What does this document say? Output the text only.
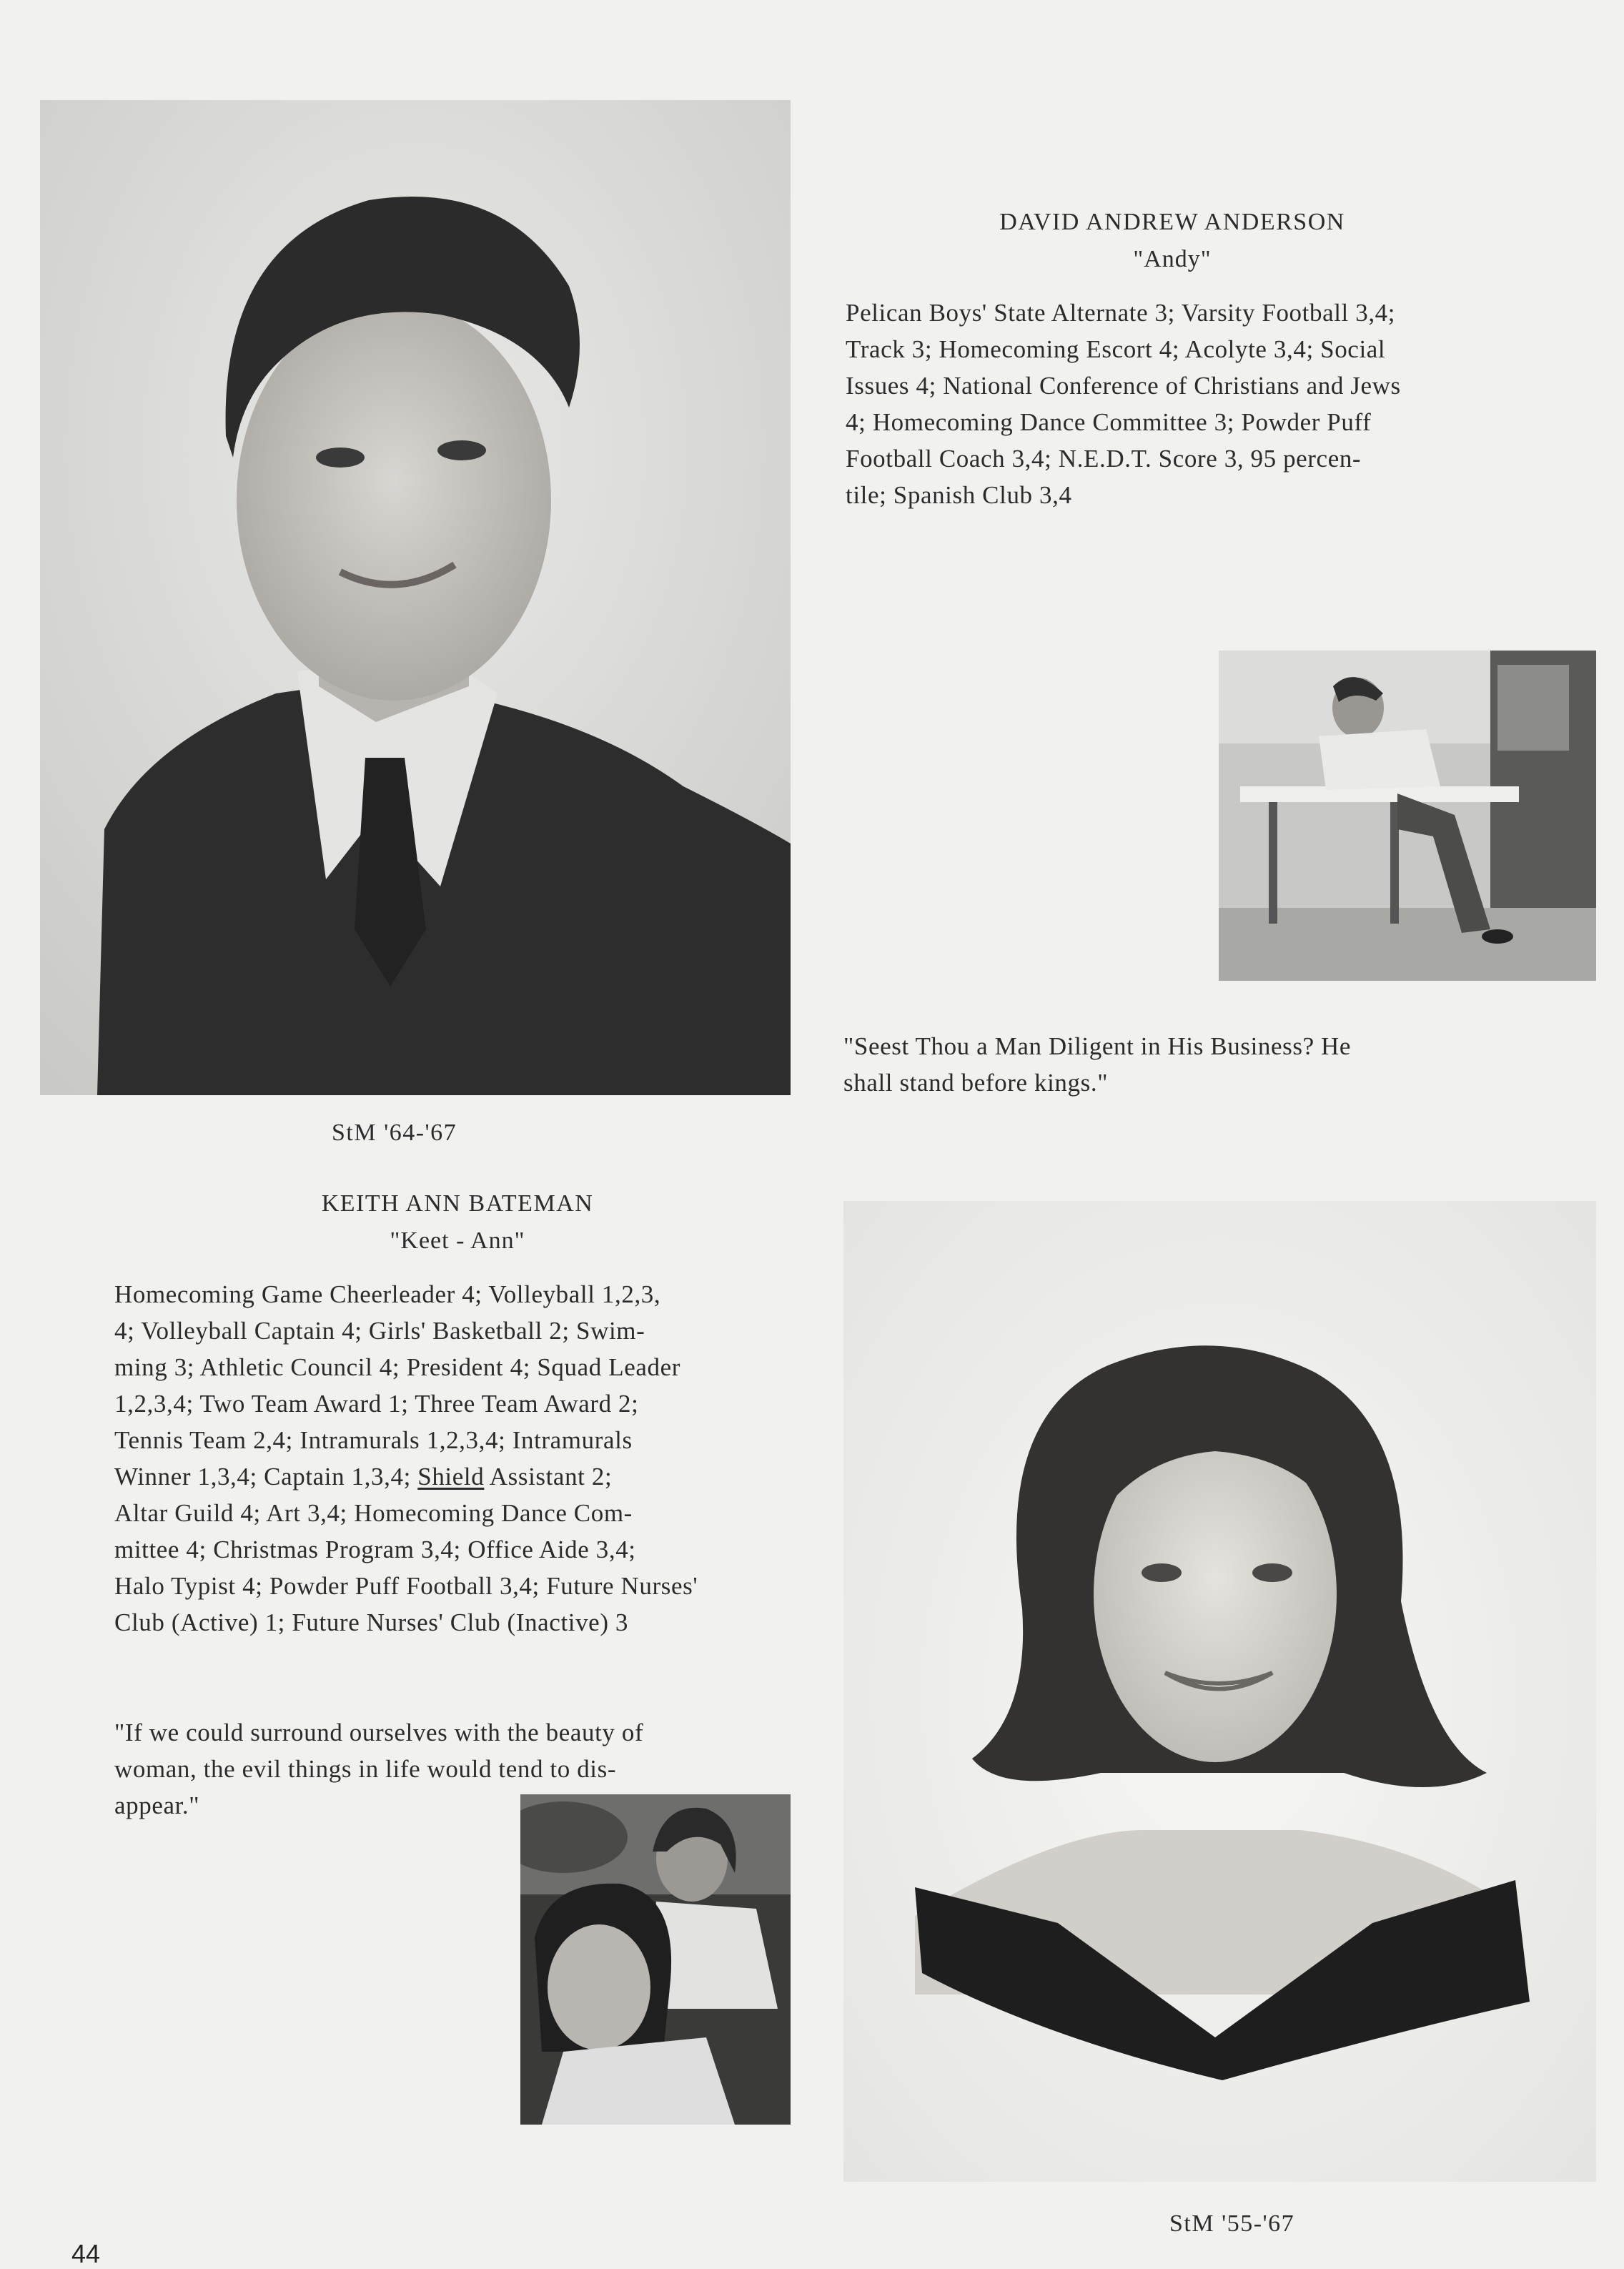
DAVID ANDREW ANDERSON
"Andy"
Pelican Boys' State Alternate 3; Varsity Football 3,4;
Track 3; Homecoming Escort 4; Acolyte 3,4; Social
Issues 4; National Conference of Christians and Jews
4; Homecoming Dance Committee 3; Powder Puff
Football Coach 3,4; N.E.D.T. Score 3, 95 percen-
tile; Spanish Club 3,4
"Seest Thou a Man Diligent in His Business? He
shall stand before kings."
StM '64-'67
KEITH ANN BATEMAN
"Keet - Ann"
Homecoming Game Cheerleader 4; Volleyball 1,2,3,
4; Volleyball Captain 4; Girls' Basketball 2; Swim-
ming 3; Athletic Council 4; President 4; Squad Leader
1,2,3,4; Two Team Award 1; Three Team Award 2;
Tennis Team 2,4; Intramurals 1,2,3,4; Intramurals
Winner 1,3,4; Captain 1,3,4; Shield Assistant 2;
Altar Guild 4; Art 3,4; Homecoming Dance Com-
mittee 4; Christmas Program 3,4; Office Aide 3,4;
Halo Typist 4; Powder Puff Football 3,4; Future Nurses'
Club (Active) 1; Future Nurses' Club (Inactive) 3
"If we could surround ourselves with the beauty of
woman, the evil things in life would tend to dis-
appear."
StM '55-'67
44
